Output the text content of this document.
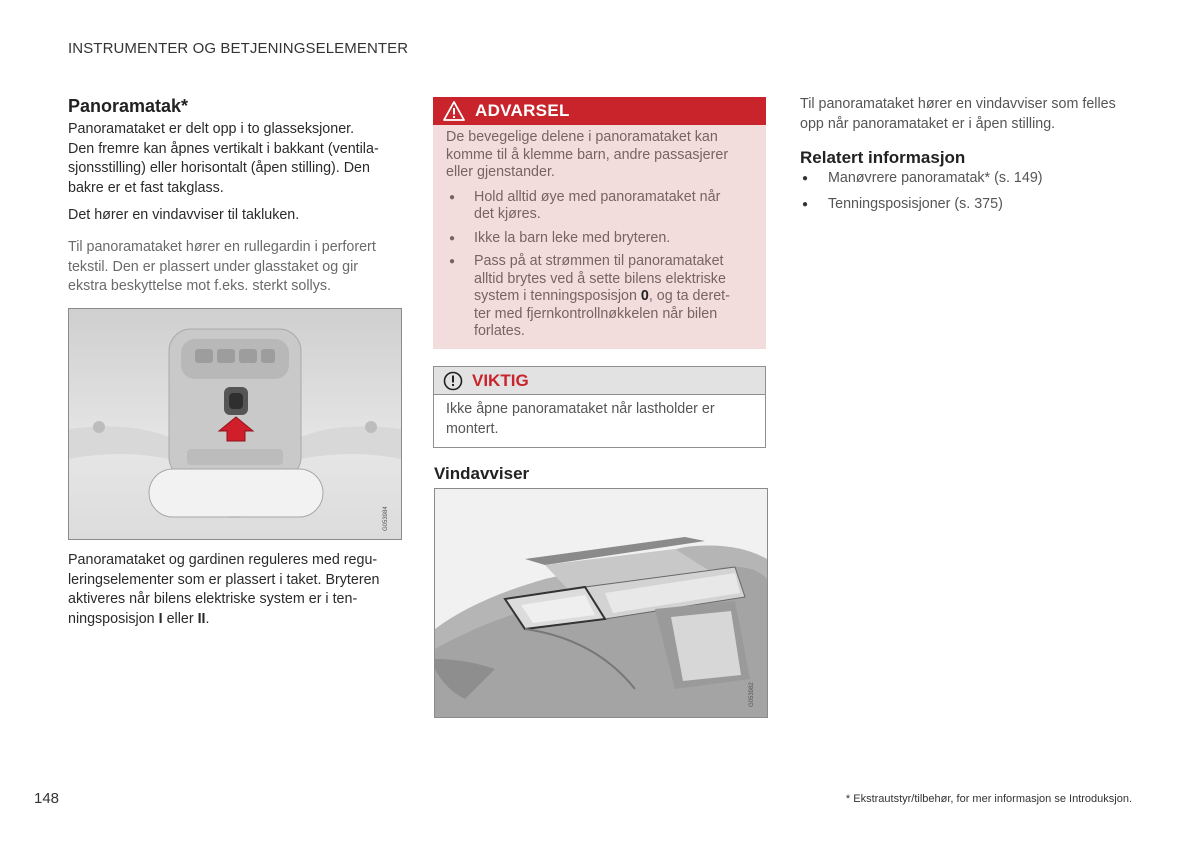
INSTRUMENTER OG BETJENINGSELEMENTER
Panoramatak*

Panoramataket er delt opp i to glasseksjoner.

Den fremre kan åpnes vertikalt i bakkant (ventila-

sjonsstilling) eller horisontalt (åpen stilling). Den

bakre er et fast takglass.

Det hører en vindavviser til takluken.

Til panoramataket hører en rullegardin i perforert

tekstil. Den er plassert under glasstaket og gir

ekstra beskyttelse mot f.eks. sterkt sollys.

G053984

Panoramataket og gardinen reguleres med regu-

leringselementer som er plassert i taket. Bryteren

aktiveres når bilens elektriske system er i ten-

ningsposisjon I eller II.

ADVARSEL
De bevegelige delene i panoramataket kan
komme til å klemme barn, andre passasjerer
eller gjenstander.
● Hold alltid øye med panoramataket når
det kjøres.
● Ikke la barn leke med bryteren.
● Pass på at strømmen til panoramataket
alltid brytes ved å sette bilens elektriske
system i tenningsposisjon 0, og ta deret-
ter med fjernkontrollnøkkelen når bilen
forlates.
VIKTIG
Ikke åpne panoramataket når lastholder er
montert.
Vindavviser
G053982

Til panoramataket hører en vindavviser som felles

opp når panoramataket er i åpen stilling.

Relatert informasjon
● Manøvrere panoramatak* (s. 149)
● Tenningsposisjoner (s. 375)
148	* Ekstrautstyr/tilbehør, for mer informasjon se Introduksjon.
